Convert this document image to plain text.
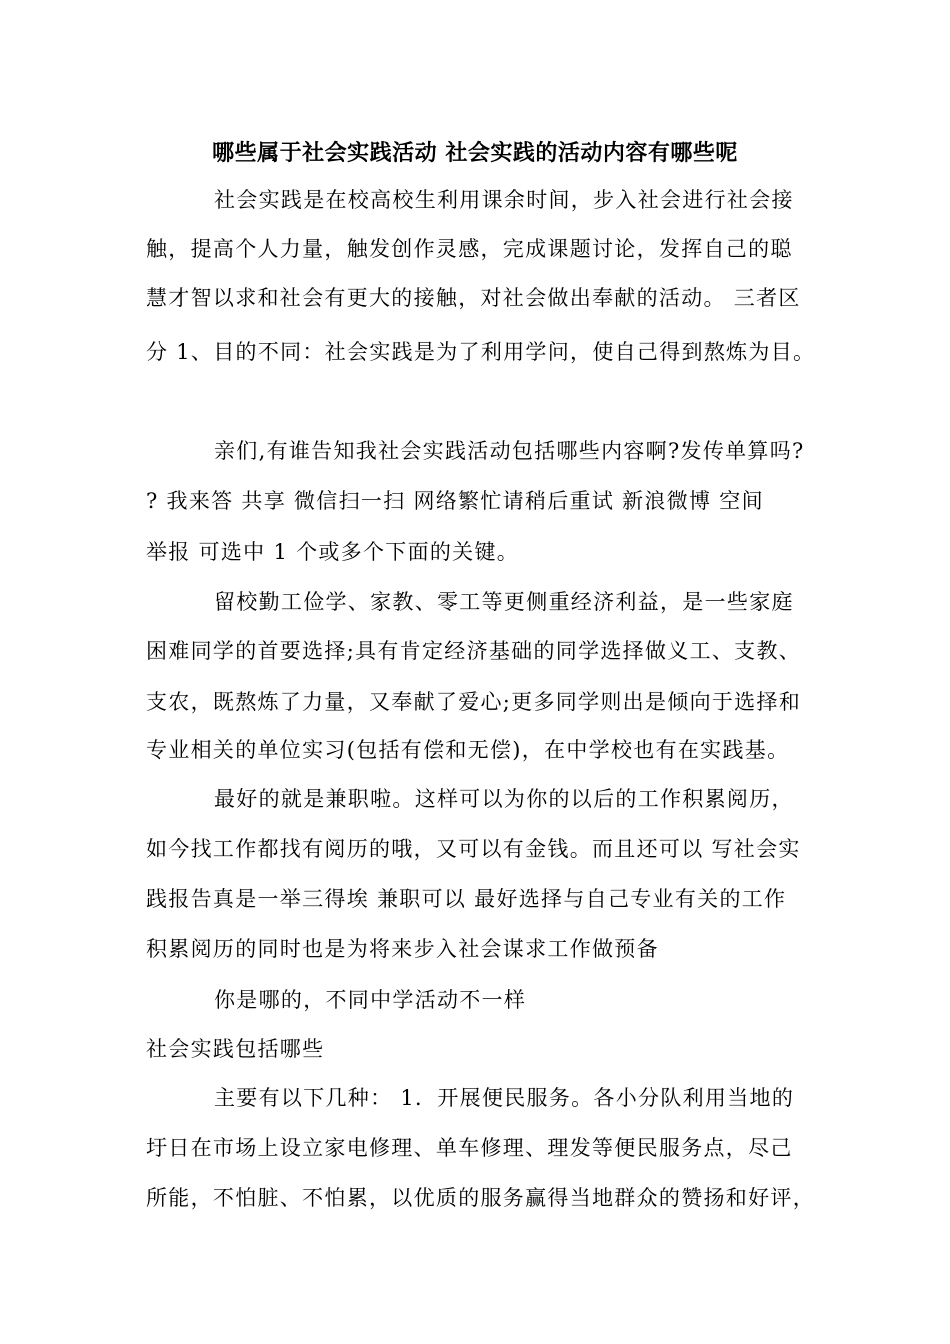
哪些属于社会实践活动 社会实践的活动内容有哪些呢
社会实践是在校高校生利用课余时间，步入社会进行社会接
触，提高个人力量，触发创作灵感，完成课题讨论，发挥自己的聪
慧才智以求和社会有更大的接触，对社会做出奉献的活动。 三者区
分 1、目的不同：社会实践是为了利用学问，使自己得到熬炼为目。
亲们,有谁告知我社会实践活动包括哪些内容啊?发传单算吗?
? 我来答 共享 微信扫一扫 网络繁忙请稍后重试 新浪微博 空间
举报 可选中 1 个或多个下面的关键。
留校勤工俭学、家教、零工等更侧重经济利益，是一些家庭
困难同学的首要选择;具有肯定经济基础的同学选择做义工、支教、
支农，既熬炼了力量，又奉献了爱心;更多同学则出是倾向于选择和
专业相关的单位实习(包括有偿和无偿)，在中学校也有在实践基。
最好的就是兼职啦。这样可以为你的以后的工作积累阅历，
如今找工作都找有阅历的哦，又可以有金钱。而且还可以 写社会实
践报告真是一举三得埃 兼职可以 最好选择与自己专业有关的工作
积累阅历的同时也是为将来步入社会谋求工作做预备
你是哪的，不同中学活动不一样
社会实践包括哪些
主要有以下几种： 1．开展便民服务。各小分队利用当地的
圩日在市场上设立家电修理、单车修理、理发等便民服务点，尽己
所能，不怕脏、不怕累，以优质的服务赢得当地群众的赞扬和好评，
